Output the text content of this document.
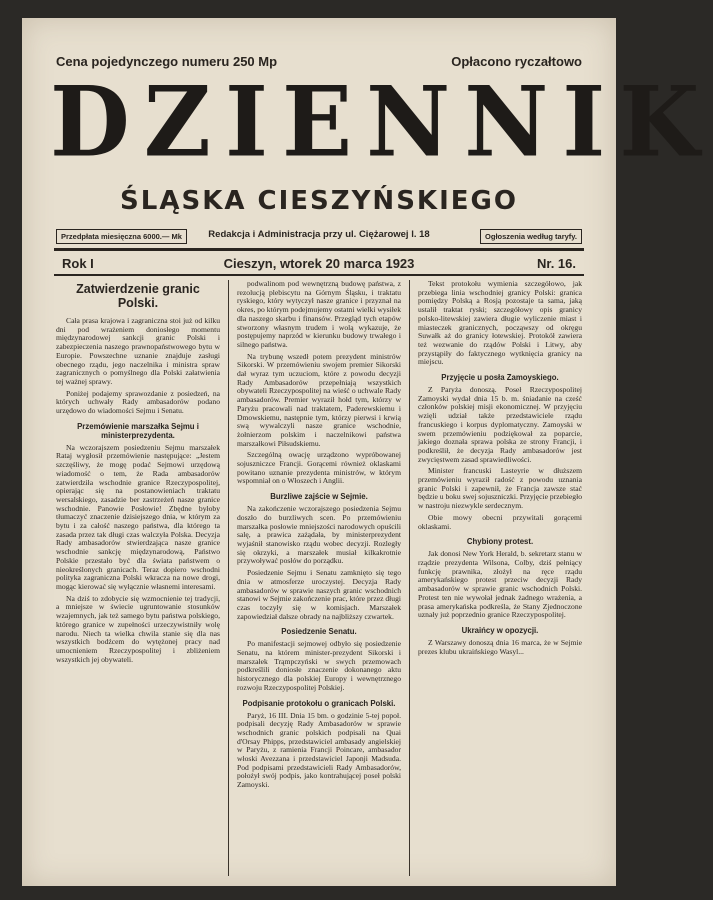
Cena pojedynczego numeru 250 Mp	Opłacono ryczałtowo
DZIENNIK
ŚLĄSKA CIESZYŃSKIEGO
Przedpłata miesięczna 6000.— Mk	Redakcja i Administracja przy ul. Ciężarowej l. 18	Ogłoszenia według taryfy.
Rok I	Cieszyn, wtorek 20 marca 1923	Nr. 16.
Zatwierdzenie granic Polski.

Cała prasa krajowa i zagraniczna stoi już od kilku dni pod wrażeniem doniosłego momentu międzynarodowej sankcji granic Polski i zabezpieczenia naszego prawnopaństwowego bytu w Europie. Powszechne uznanie znajduje zasługi obecnego rządu, jego naczelnika i ministra spraw zagranicznych o pomyślnego dla Polski załatwienia tej ważnej sprawy.

Poniżej podajemy sprawozdanie z posiedzeń, na których uchwały Rady ambasadorów podano urzędowo do wiadomości Sejmu i Senatu.

Przemówienie marszałka Sejmu i ministerprezydenta.

Na wczorajszem posiedzeniu Sejmu marszałek Rataj wygłosił przemówienie następujące: „Jestem szczęśliwy, że mogę podać Sejmowi urzędową wiadomość o tem, że Rada ambasadorów zatwierdziła wschodnie granice Rzeczypospolitej, opierając się na postanowieniach traktatu wersalskiego, zasadzie ber zastrzeżeń nasze granice wschodnie. Panowie Posłowie! Zbędne byłoby tłumaczyć znaczenie dzisiejszego dnia, w którym za bytu i za całość naszego państwa, dla którego ta zasada przez tak długi czas walczyła Polska. Decyzja Rady ambasadorów stwierdzająca nasze granice wschodnie sankcję międzynarodową, Państwo Polskie przestało być dla świata państwem o nieokreślonych granicach. Teraz dopiero wschodni polityka zagraniczna Polski wkracza na nowe drogi, mogąc kierować się wyłącznie własnemi interesami.

Na dziś to zdobycie się wzmocnienie tej tradycji, a mniejsze w świecie ugruntowanie stosunków wzajemnych, jak też samego bytu państwa polskiego, którego granice w zupełności urzeczywistniły wolę narodu. Niech ta wielka chwila stanie się dla nas wszystkich bodźcem do wytężonej pracy nad umocnieniem Rzeczypospolitej i zbliżeniem wszystkich jej obywateli.

podwalinom pod wewnętrzną budowę państwa, z rezolucją plebiscytu na Górnym Śląsku, i traktatu ryskiego, który wytyczył nasze granice i przyznał na okres, po którym podejmujemy ostatni wielki wysiłek dla naszego skarbu i finansów. Przegląd tych etapów stworzony własnym trudem i wolą wykazuje, że postępujemy naprzód w kierunku budowy trwałego i silnego państwa.

Na trybunę wszedł potem prezydent ministrów Sikorski. W przemówieniu swojem premier Sikorski dał wyraz tym uczuciom, które z powodu decyzji Rady Ambasadorów przepełniają wszystkich obywateli Rzeczypospolitej na wieść o uchwale Rady ambasadorów. Premier wyraził hołd tym, którzy w Paryżu pracowali nad traktatem, Paderewskiemu i Dmowskiemu, następnie tym, którzy pierwsi i krwią swą wywalczyli nasze granice wschodnie, żołnierzom polskim i naczelnikowi państwa marszałkowi Piłsudskiemu.

Szczególną owację urządzono wypróbowanej sojuszniczce Francji. Gorącemi również oklaskami powitano uznanie prezydenta ministrów, w którym wspomniał on o Włoszech i Anglii.

Burzliwe zajście w Sejmie.

Na zakończenie wczorajszego posiedzenia Sejmu doszło do burzliwych scen. Po przemówieniu marszałka posłowie mniejszości narodowych opuścili salę, a prawica zażądała, by ministerprezydent wyjaśnił stanowisko rządu wobec decyzji. Rozległy się okrzyki, a marszałek musiał kilkakrotnie przywoływać posłów do porządku.

Posiedzenie Sejmu i Senatu zamknięto się tego dnia w atmosferze uroczystej. Decyzja Rady ambasadorów w sprawie naszych granic wschodnich stanowi w Sejmie zakończenie prac, które przez długi czas toczyły się w komisjach. Marszałek zapowiedział dalsze obrady na najbliższy czwartek.

Posiedzenie Senatu.

Po manifestacji sejmowej odbyło się posiedzenie Senatu, na którem minister-prezydent Sikorski i marszałek Trąmpczyński w swych przemowach podkreślili doniosłe znaczenie dokonanego aktu historycznego dla polskiej Europy i wewnętrznego rozwoju Rzeczypospolitej Polskiej.

Podpisanie protokołu o granicach Polski.

Paryż, 16 III. Dnia 15 bm. o godzinie 5-tej popoł. podpisali decyzję Rady Ambasadorów w sprawie wschodnich granic polskich podpisali na Quai d'Orsay Phipps, przedstawiciel ambasady angielskiej w Paryżu, z ramienia Francji Poincare, ambasador włoski Avezzana i przedstawiciel Japonji Madsuda. Pod podpisami przedstawicieli Rady Ambasadorów, położył swój podpis, jako kontrahującej poseł polski Zamoyski.

Tekst protokołu wymienia szczegółowo, jak przebiega linia wschodniej granicy Polski: granica pomiędzy Polską a Rosją pozostaje ta sama, jaką ustalił traktat ryski; szczegółowy opis granicy polsko-litewskiej zawiera długie wyliczenie miast i miasteczek granicznych, począwszy od okręgu Suwałk aż do granicy łotewskiej. Protokół zawiera też wezwanie do rządów Polski i Litwy, aby przystąpiły do faktycznego wytknięcia granicy na miejscu.

Przyjęcie u posła Zamoyskiego.

Z Paryża donoszą. Poseł Rzeczypospolitej Zamoyski wydał dnia 15 b. m. śniadanie na cześć członków polskiej misji ekonomicznej. W przyjęciu wzięli udział także przedstawiciele rządu francuskiego i korpus dyplomatyczny. Zamoyski w swem przemówieniu podziękował za poparcie, jakiego doznała sprawa polska ze strony Francji, i podkreślił, że decyzja Rady ambasadorów jest zwycięstwem zasad sprawiedliwości.

Minister francuski Lasteyrie w dłuższem przemówieniu wyraził radość z powodu uznania granic Polski i zapewnił, że Francja zawsze stać będzie u boku swej sojuszniczki. Przyjęcie przebiegło w nastroju niezwykle serdecznym.

Obie mowy obecni przywitali gorącemi oklaskami.

Chybiony protest.

Jak donosi New York Herald, b. sekretarz stanu w rządzie prezydenta Wilsona, Colby, dziś pełniący funkcję prawnika, złożył na ręce rządu amerykańskiego protest przeciw decyzji Rady ambasadorów w sprawie granic wschodnich Polski. Protest ten nie wywołał jednak żadnego wrażenia, a prasa amerykańska podkreśla, że Stany Zjednoczone uznały już poprzednio granice Rzeczypospolitej.

Ukraińcy w opozycji.

Z Warszawy donoszą dnia 16 marca, że w Sejmie prezes klubu ukraińskiego Wasyl...
